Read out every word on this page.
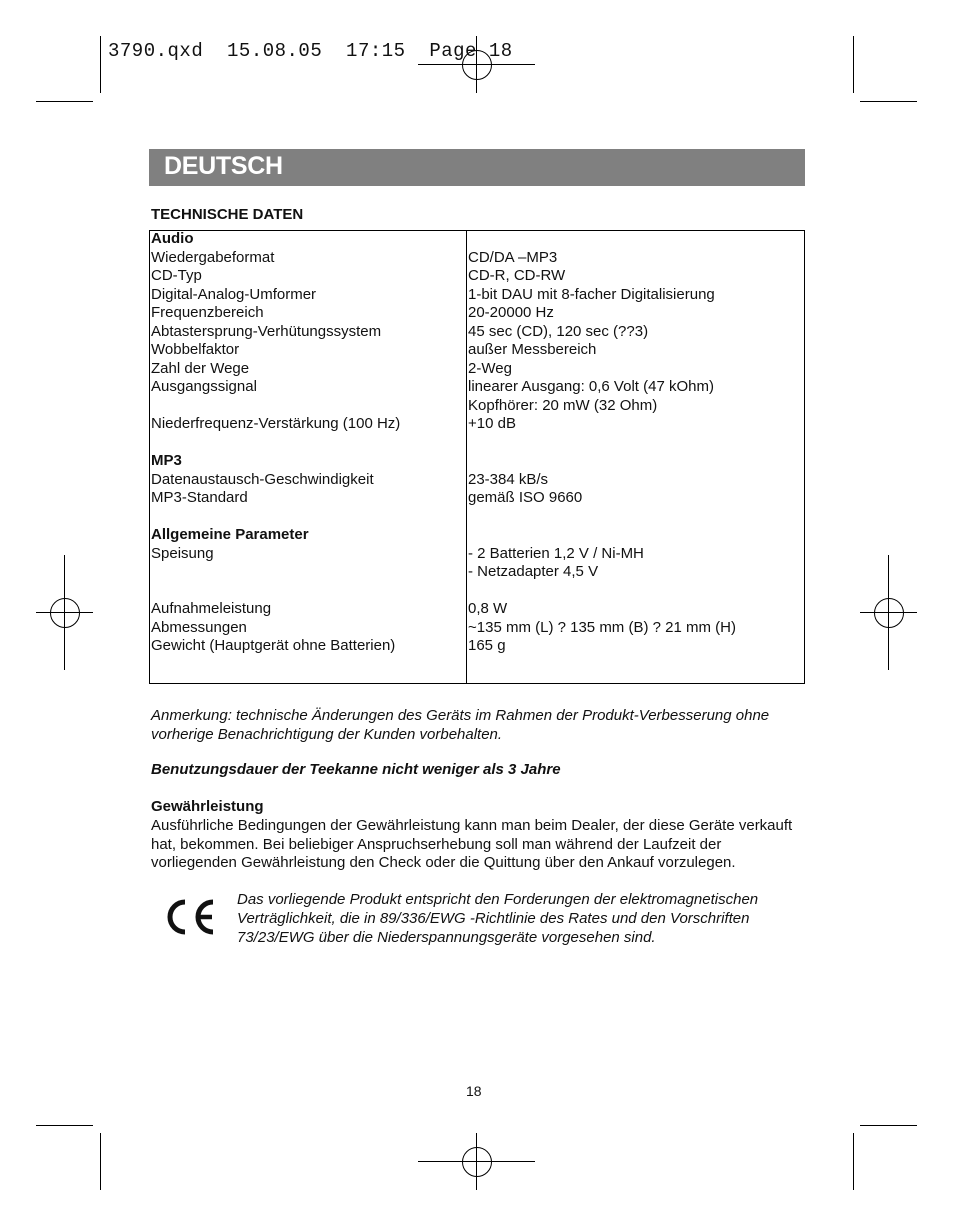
3790.qxd  15.08.05  17:15  Page 18
DEUTSCH
TECHNISCHE DATEN
Audio
Wiedergabeformat	CD/DA –MP3
CD-Typ	CD-R, CD-RW
Digital-Analog-Umformer	1-bit DAU mit 8-facher Digitalisierung
Frequenzbereich	20-20000 Hz
Abtastersprung-Verhütungssystem	45 sec (CD), 120 sec (??3)
Wobbelfaktor	außer Messbereich
Zahl der Wege	2-Weg
Ausgangssignal	linearer Ausgang: 0,6 Volt (47 kOhm)
Kopfhörer: 20 mW (32 Ohm)
Niederfrequenz-Verstärkung (100 Hz)	+10 dB
MP3
Datenaustausch-Geschwindigkeit	23-384 kB/s
MP3-Standard	gemäß ISO 9660
Allgemeine Parameter
Speisung	- 2 Batterien 1,2 V / Ni-MH
- Netzadapter 4,5 V
Aufnahmeleistung	0,8 W
Abmessungen	~135 mm (L) ? 135 mm (B) ? 21 mm (H)
Gewicht (Hauptgerät ohne Batterien)	165 g
Anmerkung: technische Änderungen des Geräts im Rahmen der Produkt-Verbesserung ohne vorherige Benachrichtigung der Kunden vorbehalten.
Benutzungsdauer der Teekanne nicht weniger als 3 Jahre
Gewährleistung
Ausführliche Bedingungen der Gewährleistung kann man beim Dealer, der diese Geräte verkauft hat, bekommen. Bei beliebiger Anspruchserhebung soll man während der Laufzeit der vorliegenden Gewährleistung den Check oder die Quittung über den Ankauf vorzulegen.
Das vorliegende Produkt entspricht den Forderungen der elektromagnetischen Verträglichkeit, die in 89/336/EWG -Richtlinie des Rates und den Vorschriften 73/23/EWG über die Niederspannungsgeräte vorgesehen sind.
18
